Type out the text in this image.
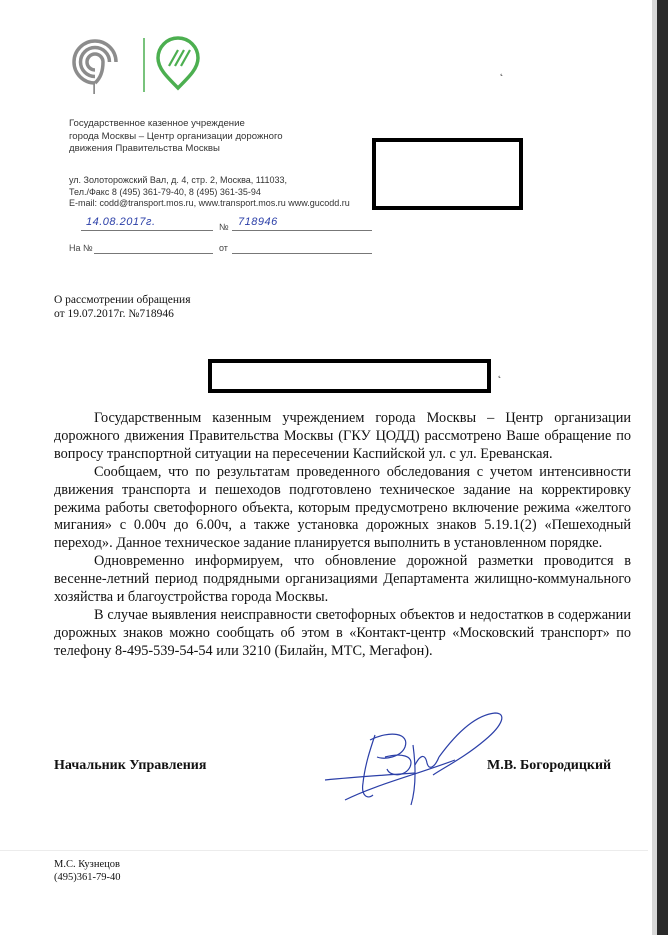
Государственное казенное учреждение
города Москвы – Центр организации дорожного
движения Правительства Москвы
ул. Золоторожский Вал, д. 4, стр. 2, Москва, 111033,
Тел./Факс 8 (495) 361-79-40, 8 (495) 361-35-94
E-mail: codd@transport.mos.ru, www.transport.mos.ru www.gucodd.ru
˛
˛
14.08.2017г.	№ 718946
На №	от
О рассмотрении обращения
от 19.07.2017г. №718946

Государственным казенным учреждением города Москвы – Центр организации дорожного движения Правительства Москвы (ГКУ ЦОДД) рассмотрено Ваше обращение по вопросу транспортной ситуации на пересечении Каспийской ул. с ул. Ереванская.

Сообщаем, что по результатам проведенного обследования с учетом интенсивности движения транспорта и пешеходов подготовлено техническое задание на корректировку режима работы светофорного объекта, которым предусмотрено включение режима «желтого мигания» с 0.00ч до 6.00ч, а также установка дорожных знаков 5.19.1(2) «Пешеходный переход». Данное техническое задание планируется выполнить в установленном порядке.

Одновременно информируем, что обновление дорожной разметки проводится в весенне-летний период подрядными организациями Департамента жилищно-коммунального хозяйства и благоустройства города Москвы.

В случае выявления неисправности светофорных объектов и недостатков в содержании дорожных знаков можно сообщать об этом в «Контакт-центр «Московский транспорт» по телефону 8-495-539-54-54 или 3210 (Билайн, МТС, Мегафон).

Начальник Управления	М.В. Богородицкий
М.С. Кузнецов
(495)361-79-40
